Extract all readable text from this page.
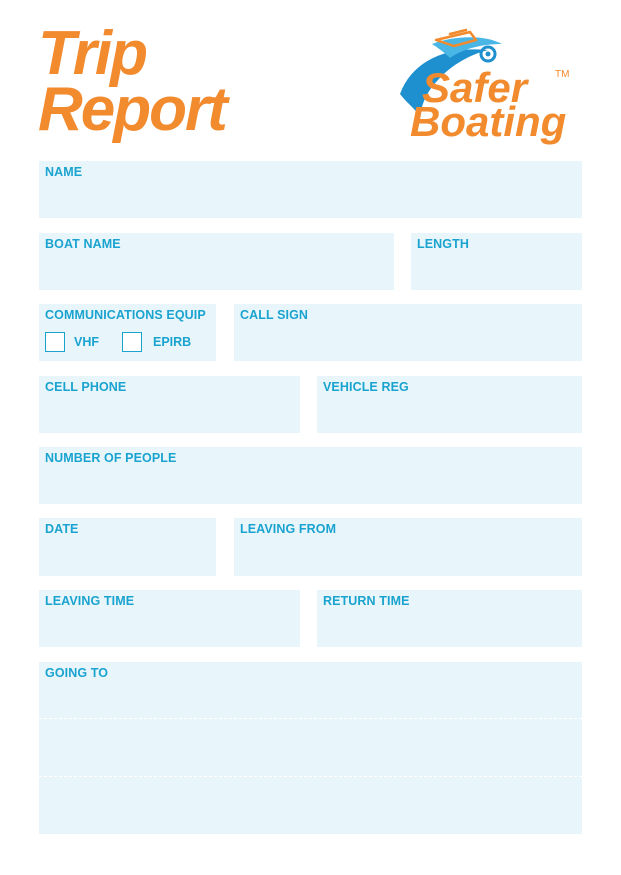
Trip
Report	Safer	TM
Boating
NAME
BOAT NAME	LENGTH
COMMUNICATIONS EQUIP
VHF	EPIRB
CALL SIGN
CELL PHONE	VEHICLE REG
NUMBER OF PEOPLE
DATE	LEAVING FROM
LEAVING TIME	RETURN TIME
GOING TO
